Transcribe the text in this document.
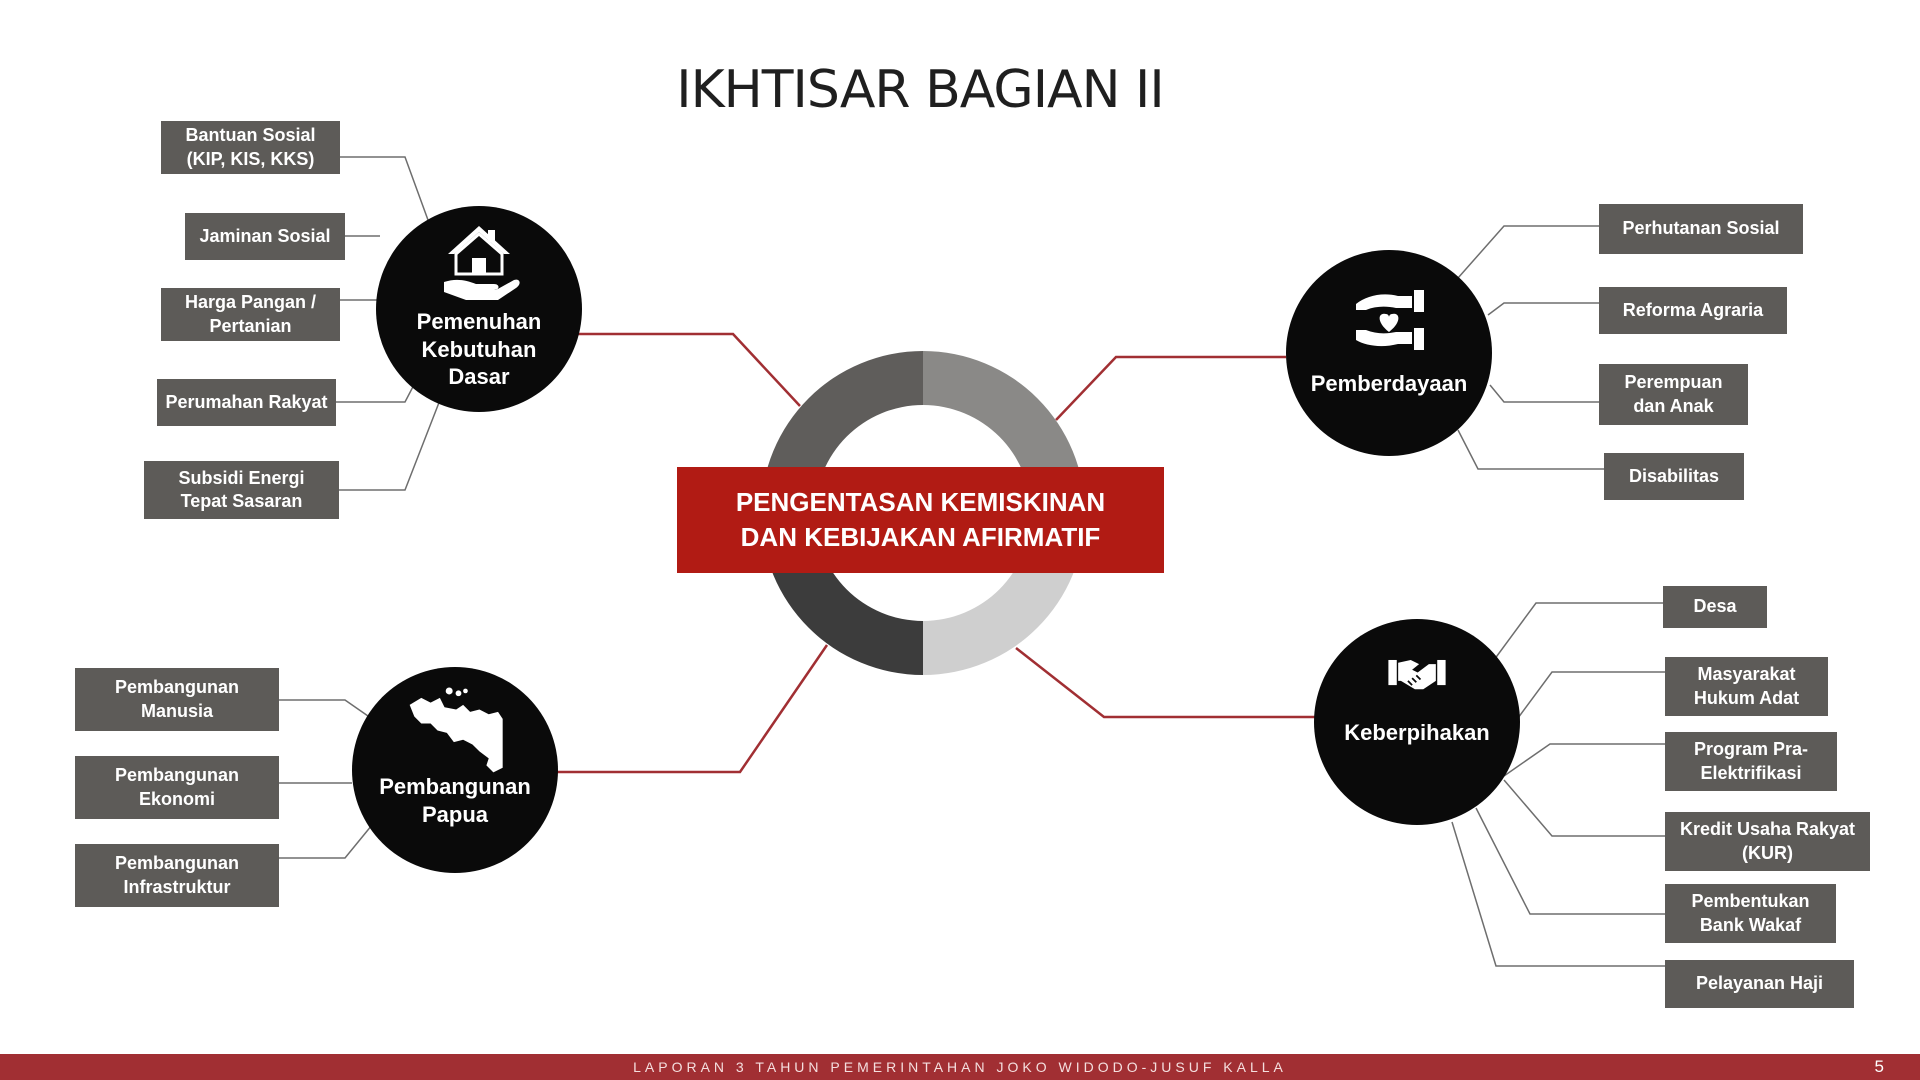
IKHTISAR BAGIAN II
PENGENTASAN KEMISKINAN
DAN KEBIJAKAN AFIRMATIF
Pemenuhan
Kebutuhan
Dasar	Pemberdayaan
Pembangunan
Papua
Keberpihakan
Bantuan Sosial
(KIP, KIS, KKS)
Jaminan Sosial
Harga Pangan /
Pertanian
Perumahan Rakyat
Subsidi Energi
Tepat Sasaran
Perhutanan Sosial
Reforma Agraria
Perempuan
dan Anak
Disabilitas
Pembangunan
Manusia
Pembangunan
Ekonomi
Pembangunan
Infrastruktur
Desa
Masyarakat
Hukum Adat
Program Pra-
Elektrifikasi
Kredit Usaha Rakyat
(KUR)
Pembentukan
Bank Wakaf
Pelayanan Haji
LAPORAN 3 TAHUN PEMERINTAHAN JOKO WIDODO-JUSUF KALLA	5
